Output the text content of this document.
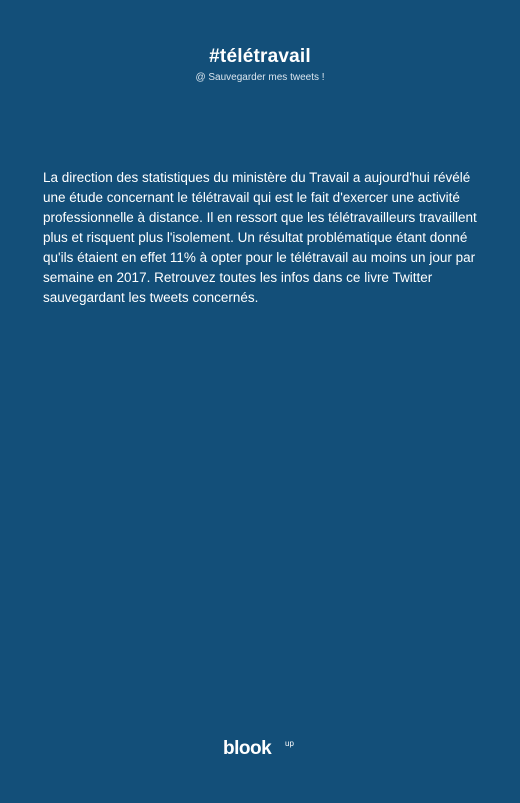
#télétravail
@ Sauvegarder mes tweets !
La direction des statistiques du ministère du Travail a aujourd'hui révélé une étude concernant le télétravail qui est le fait d'exercer une activité professionnelle à distance. Il en ressort que les télétravailleurs travaillent plus et risquent plus l'isolement. Un résultat problématique étant donné qu'ils étaient en effet 11% à opter pour le télétravail au moins un jour par semaine en 2017. Retrouvez toutes les infos dans ce livre Twitter sauvegardant les tweets concernés.
blook up
